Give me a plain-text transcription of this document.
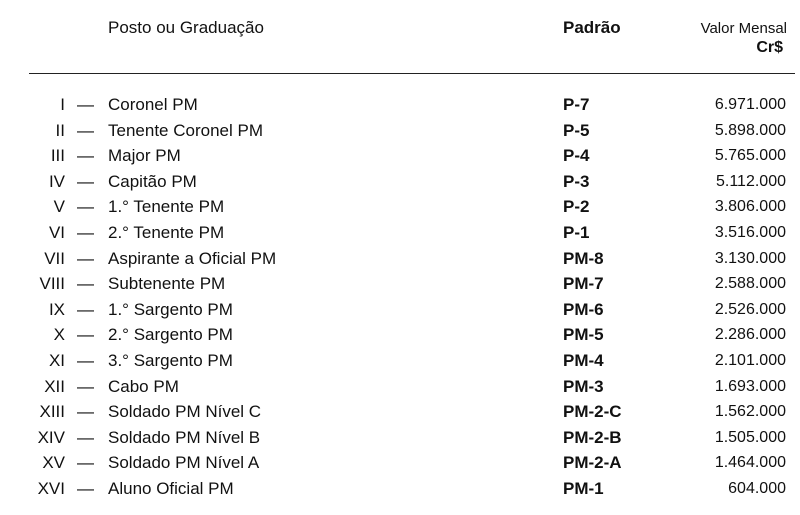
Posto ou Graduação	Padrão	Valor Mensal
Cr$
I — Coronel PM	P-7	6.971.000
II — Tenente Coronel PM	P-5	5.898.000
III — Major PM	P-4	5.765.000
IV — Capitão PM	P-3	5.112.000
V — 1.° Tenente PM	P-2	3.806.000
VI — 2.° Tenente PM	P-1	3.516.000
VII — Aspirante a Oficial PM	PM-8	3.130.000
VIII — Subtenente PM	PM-7	2.588.000
IX — 1.° Sargento PM	PM-6	2.526.000
X — 2.° Sargento PM	PM-5	2.286.000
XI — 3.° Sargento PM	PM-4	2.101.000
XII — Cabo PM	PM-3	1.693.000
XIII — Soldado PM Nível C	PM-2-C	1.562.000
XIV — Soldado PM Nível B	PM-2-B	1.505.000
XV — Soldado PM Nível A	PM-2-A	1.464.000
XVI — Aluno Oficial PM	PM-1	604.000
